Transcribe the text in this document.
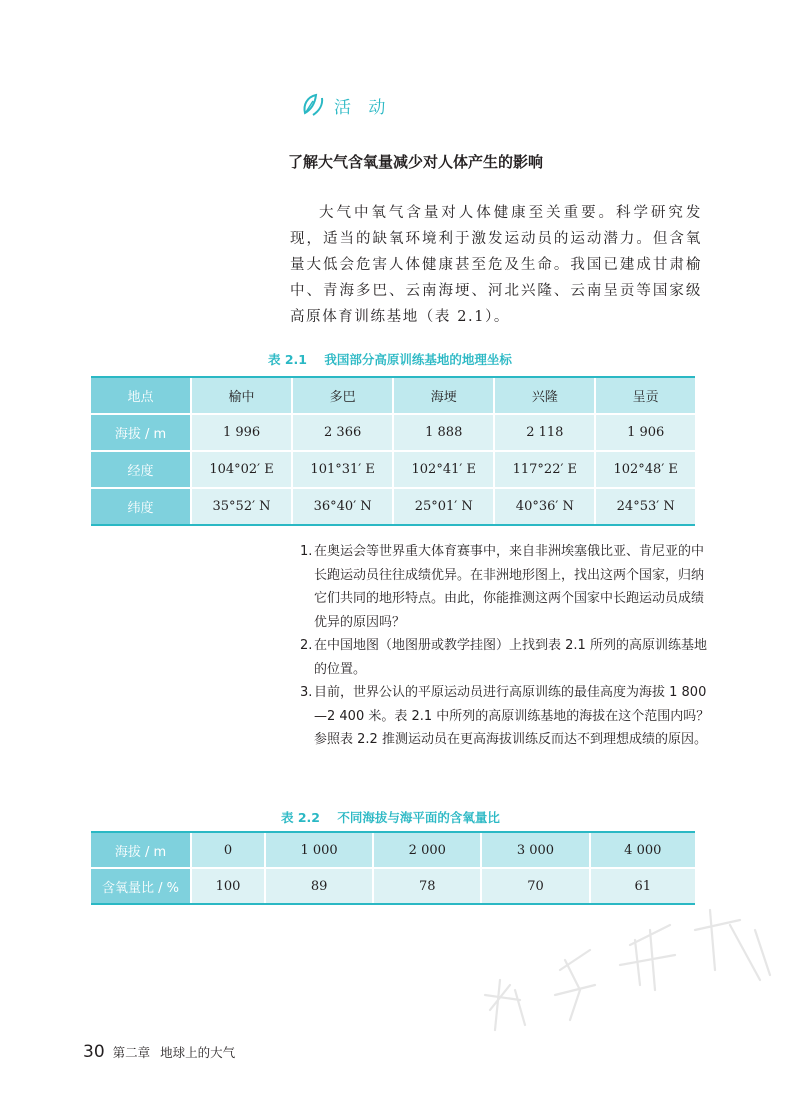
活 动
了解大气含氧量减少对人体产生的影响

大气中氧气含量对人体健康至关重要。科学研究发现，适当的缺氧环境利于激发运动员的运动潜力。但含氧量大低会危害人体健康甚至危及生命。我国已建成甘肃榆中、青海多巴、云南海埂、河北兴隆、云南呈贡等国家级高原体育训练基地（表 2.1）。

表 2.1    我国部分高原训练基地的地理坐标
地点	榆中	多巴	海埂	兴隆	呈贡
海拔 / m	1 996	2 366	1 888	2 118	1 906
经度	104°02′ E	101°31′ E	102°41′ E	117°22′ E	102°48′ E
纬度	35°52′ N	36°40′ N	25°01′ N	40°36′ N	24°53′ N
1. 在奥运会等世界重大体育赛事中，来自非洲埃塞俄比亚、肯尼亚的中长跑运动员往往成绩优异。在非洲地形图上，找出这两个国家，归纳它们共同的地形特点。由此，你能推测这两个国家中长跑运动员成绩优异的原因吗？
2. 在中国地图（地图册或教学挂图）上找到表 2.1 所列的高原训练基地的位置。
3. 目前，世界公认的平原运动员进行高原训练的最佳高度为海拔 1 800—2 400 米。表 2.1 中所列的高原训练基地的海拔在这个范围内吗？参照表 2.2 推测运动员在更高海拔训练反而达不到理想成绩的原因。
表 2.2    不同海拔与海平面的含氧量比
海拔 / m	0	1 000	2 000	3 000	4 000
含氧量比 / %	100	89	78	70	61
30 第二章 地球上的大气
